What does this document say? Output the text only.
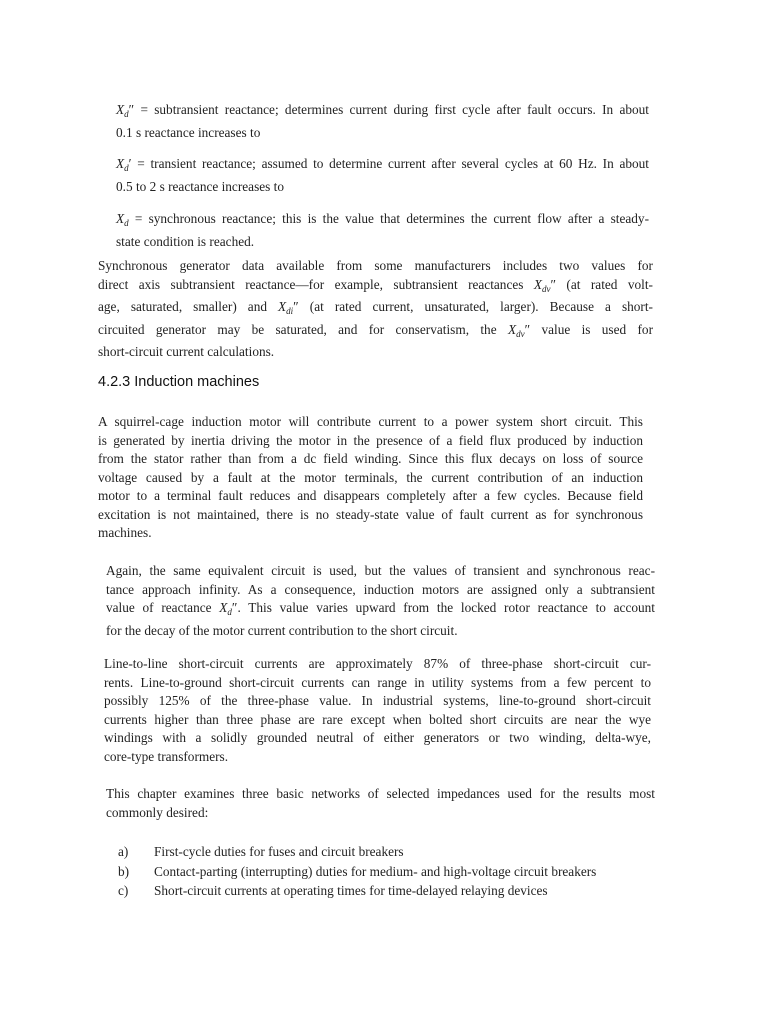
$X_d''$ = subtransient reactance; determines current during first cycle after fault occurs. In about
0.1 s reactance increases to
$X_d'$ = transient reactance; assumed to determine current after several cycles at 60 Hz. In about
0.5 to 2 s reactance increases to
$X_d$ = synchronous reactance; this is the value that determines the current flow after a steady-
state condition is reached.
Synchronous generator data available from some manufacturers includes two values for
direct axis subtransient reactance—for example, subtransient reactances $X_{dv}''$ (at rated volt-
age, saturated, smaller) and $X_{di}''$ (at rated current, unsaturated, larger). Because a short-
circuited generator may be saturated, and for conservatism, the $X_{dv}''$ value is used for
short-circuit current calculations.
4.2.3 Induction machines
A squirrel-cage induction motor will contribute current to a power system short circuit. This
is generated by inertia driving the motor in the presence of a field flux produced by induction
from the stator rather than from a dc field winding. Since this flux decays on loss of source
voltage caused by a fault at the motor terminals, the current contribution of an induction
motor to a terminal fault reduces and disappears completely after a few cycles. Because field
excitation is not maintained, there is no steady-state value of fault current as for synchronous
machines.
Again, the same equivalent circuit is used, but the values of transient and synchronous reac-
tance approach infinity. As a consequence, induction motors are assigned only a subtransient
value of reactance $X_d''$. This value varies upward from the locked rotor reactance to account
for the decay of the motor current contribution to the short circuit.
Line-to-line short-circuit currents are approximately 87% of three-phase short-circuit cur-
rents. Line-to-ground short-circuit currents can range in utility systems from a few percent to
possibly 125% of the three-phase value. In industrial systems, line-to-ground short-circuit
currents higher than three phase are rare except when bolted short circuits are near the wye
windings with a solidly grounded neutral of either generators or two winding, delta-wye,
core-type transformers.
This chapter examines three basic networks of selected impedances used for the results most
commonly desired:
a)	First-cycle duties for fuses and circuit breakers
b)	Contact-parting (interrupting) duties for medium- and high-voltage circuit breakers
c)	Short-circuit currents at operating times for time-delayed relaying devices
